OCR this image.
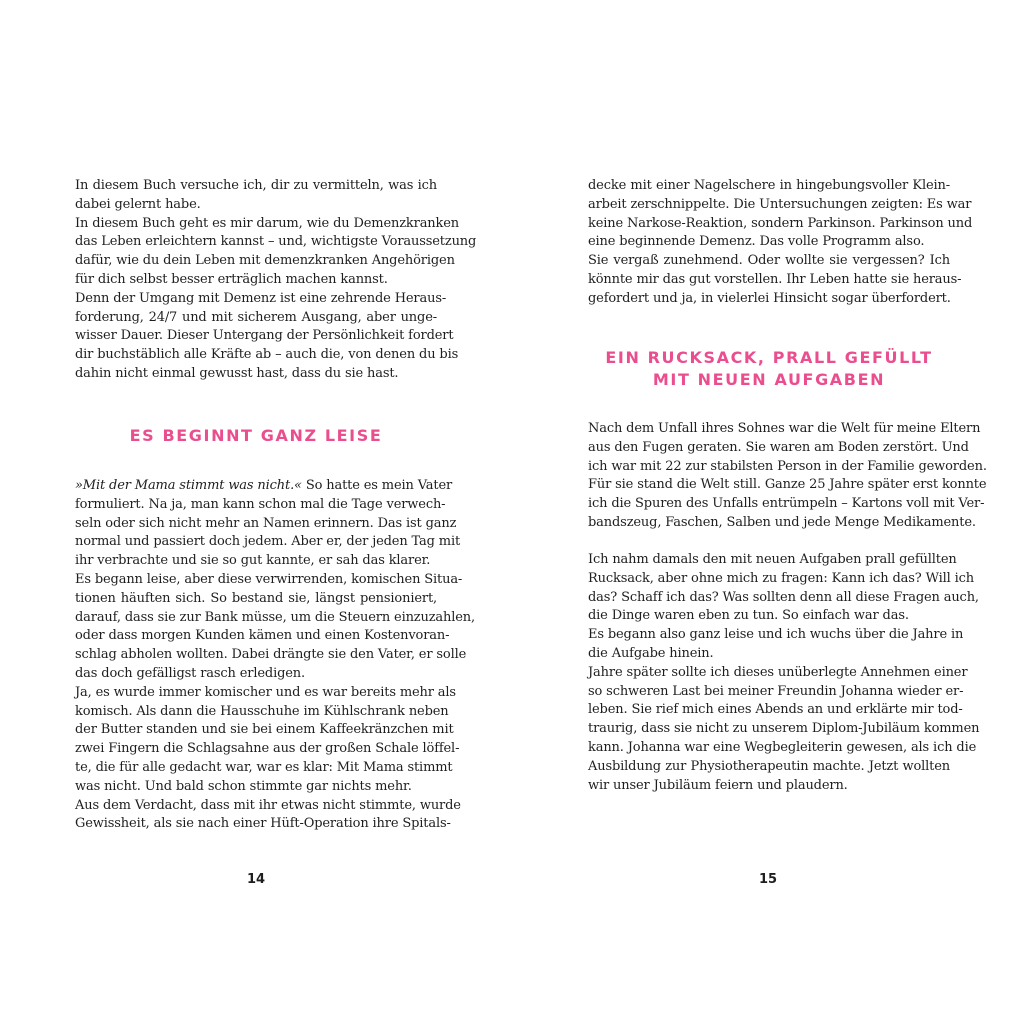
In diesem Buch versuche ich, dir zu vermitteln, was ich
dabei gelernt habe.
In diesem Buch geht es mir darum, wie du Demenzkranken
das Leben erleichtern kannst – und, wichtigste Voraussetzung
dafür, wie du dein Leben mit demenzkranken Angehörigen
für dich selbst besser erträglich machen kannst.
Denn der Umgang mit Demenz ist eine zehrende Heraus-
forderung, 24/7 und mit sicherem Ausgang, aber unge-
wisser Dauer. Dieser Untergang der Persönlichkeit fordert
dir buchstäblich alle Kräfte ab – auch die, von denen du bis
dahin nicht einmal gewusst hast, dass du sie hast.
ES BEGINNT GANZ LEISE
»Mit der Mama stimmt was nicht.« So hatte es mein Vater
formuliert. Na ja, man kann schon mal die Tage verwech-
seln oder sich nicht mehr an Namen erinnern. Das ist ganz
normal und passiert doch jedem. Aber er, der jeden Tag mit
ihr verbrachte und sie so gut kannte, er sah das klarer.
Es begann leise, aber diese verwirrenden, komischen Situa-
tionen häuften sich. So bestand sie, längst pensioniert,
darauf, dass sie zur Bank müsse, um die Steuern einzuzahlen,
oder dass morgen Kunden kämen und einen Kostenvoran-
schlag abholen wollten. Dabei drängte sie den Vater, er solle
das doch gefälligst rasch erledigen.
Ja, es wurde immer komischer und es war bereits mehr als
komisch. Als dann die Hausschuhe im Kühlschrank neben
der Butter standen und sie bei einem Kaffeekränzchen mit
zwei Fingern die Schlagsahne aus der großen Schale löffel-
te, die für alle gedacht war, war es klar: Mit Mama stimmt
was nicht. Und bald schon stimmte gar nichts mehr.
Aus dem Verdacht, dass mit ihr etwas nicht stimmte, wurde
Gewissheit, als sie nach einer Hüft-Operation ihre Spitals-
14
decke mit einer Nagelschere in hingebungsvoller Klein-
arbeit zerschnippelte. Die Untersuchungen zeigten: Es war
keine Narkose-Reaktion, sondern Parkinson. Parkinson und
eine beginnende Demenz. Das volle Programm also.
Sie vergaß zunehmend. Oder wollte sie vergessen? Ich
könnte mir das gut vorstellen. Ihr Leben hatte sie heraus-
gefordert und ja, in vielerlei Hinsicht sogar überfordert.
EIN RUCKSACK, PRALL GEFÜLLT
MIT NEUEN AUFGABEN
Nach dem Unfall ihres Sohnes war die Welt für meine Eltern
aus den Fugen geraten. Sie waren am Boden zerstört. Und
ich war mit 22 zur stabilsten Person in der Familie geworden.
Für sie stand die Welt still. Ganze 25 Jahre später erst konnte
ich die Spuren des Unfalls entrümpeln – Kartons voll mit Ver-
bandszeug, Faschen, Salben und jede Menge Medikamente.
Ich nahm damals den mit neuen Aufgaben prall gefüllten
Rucksack, aber ohne mich zu fragen: Kann ich das? Will ich
das? Schaff ich das? Was sollten denn all diese Fragen auch,
die Dinge waren eben zu tun. So einfach war das.
Es begann also ganz leise und ich wuchs über die Jahre in
die Aufgabe hinein.
Jahre später sollte ich dieses unüberlegte Annehmen einer
so schweren Last bei meiner Freundin Johanna wieder er-
leben. Sie rief mich eines Abends an und erklärte mir tod-
traurig, dass sie nicht zu unserem Diplom-Jubiläum kommen
kann. Johanna war eine Wegbegleiterin gewesen, als ich die
Ausbildung zur Physiotherapeutin machte. Jetzt wollten
wir unser Jubiläum feiern und plaudern.
15
